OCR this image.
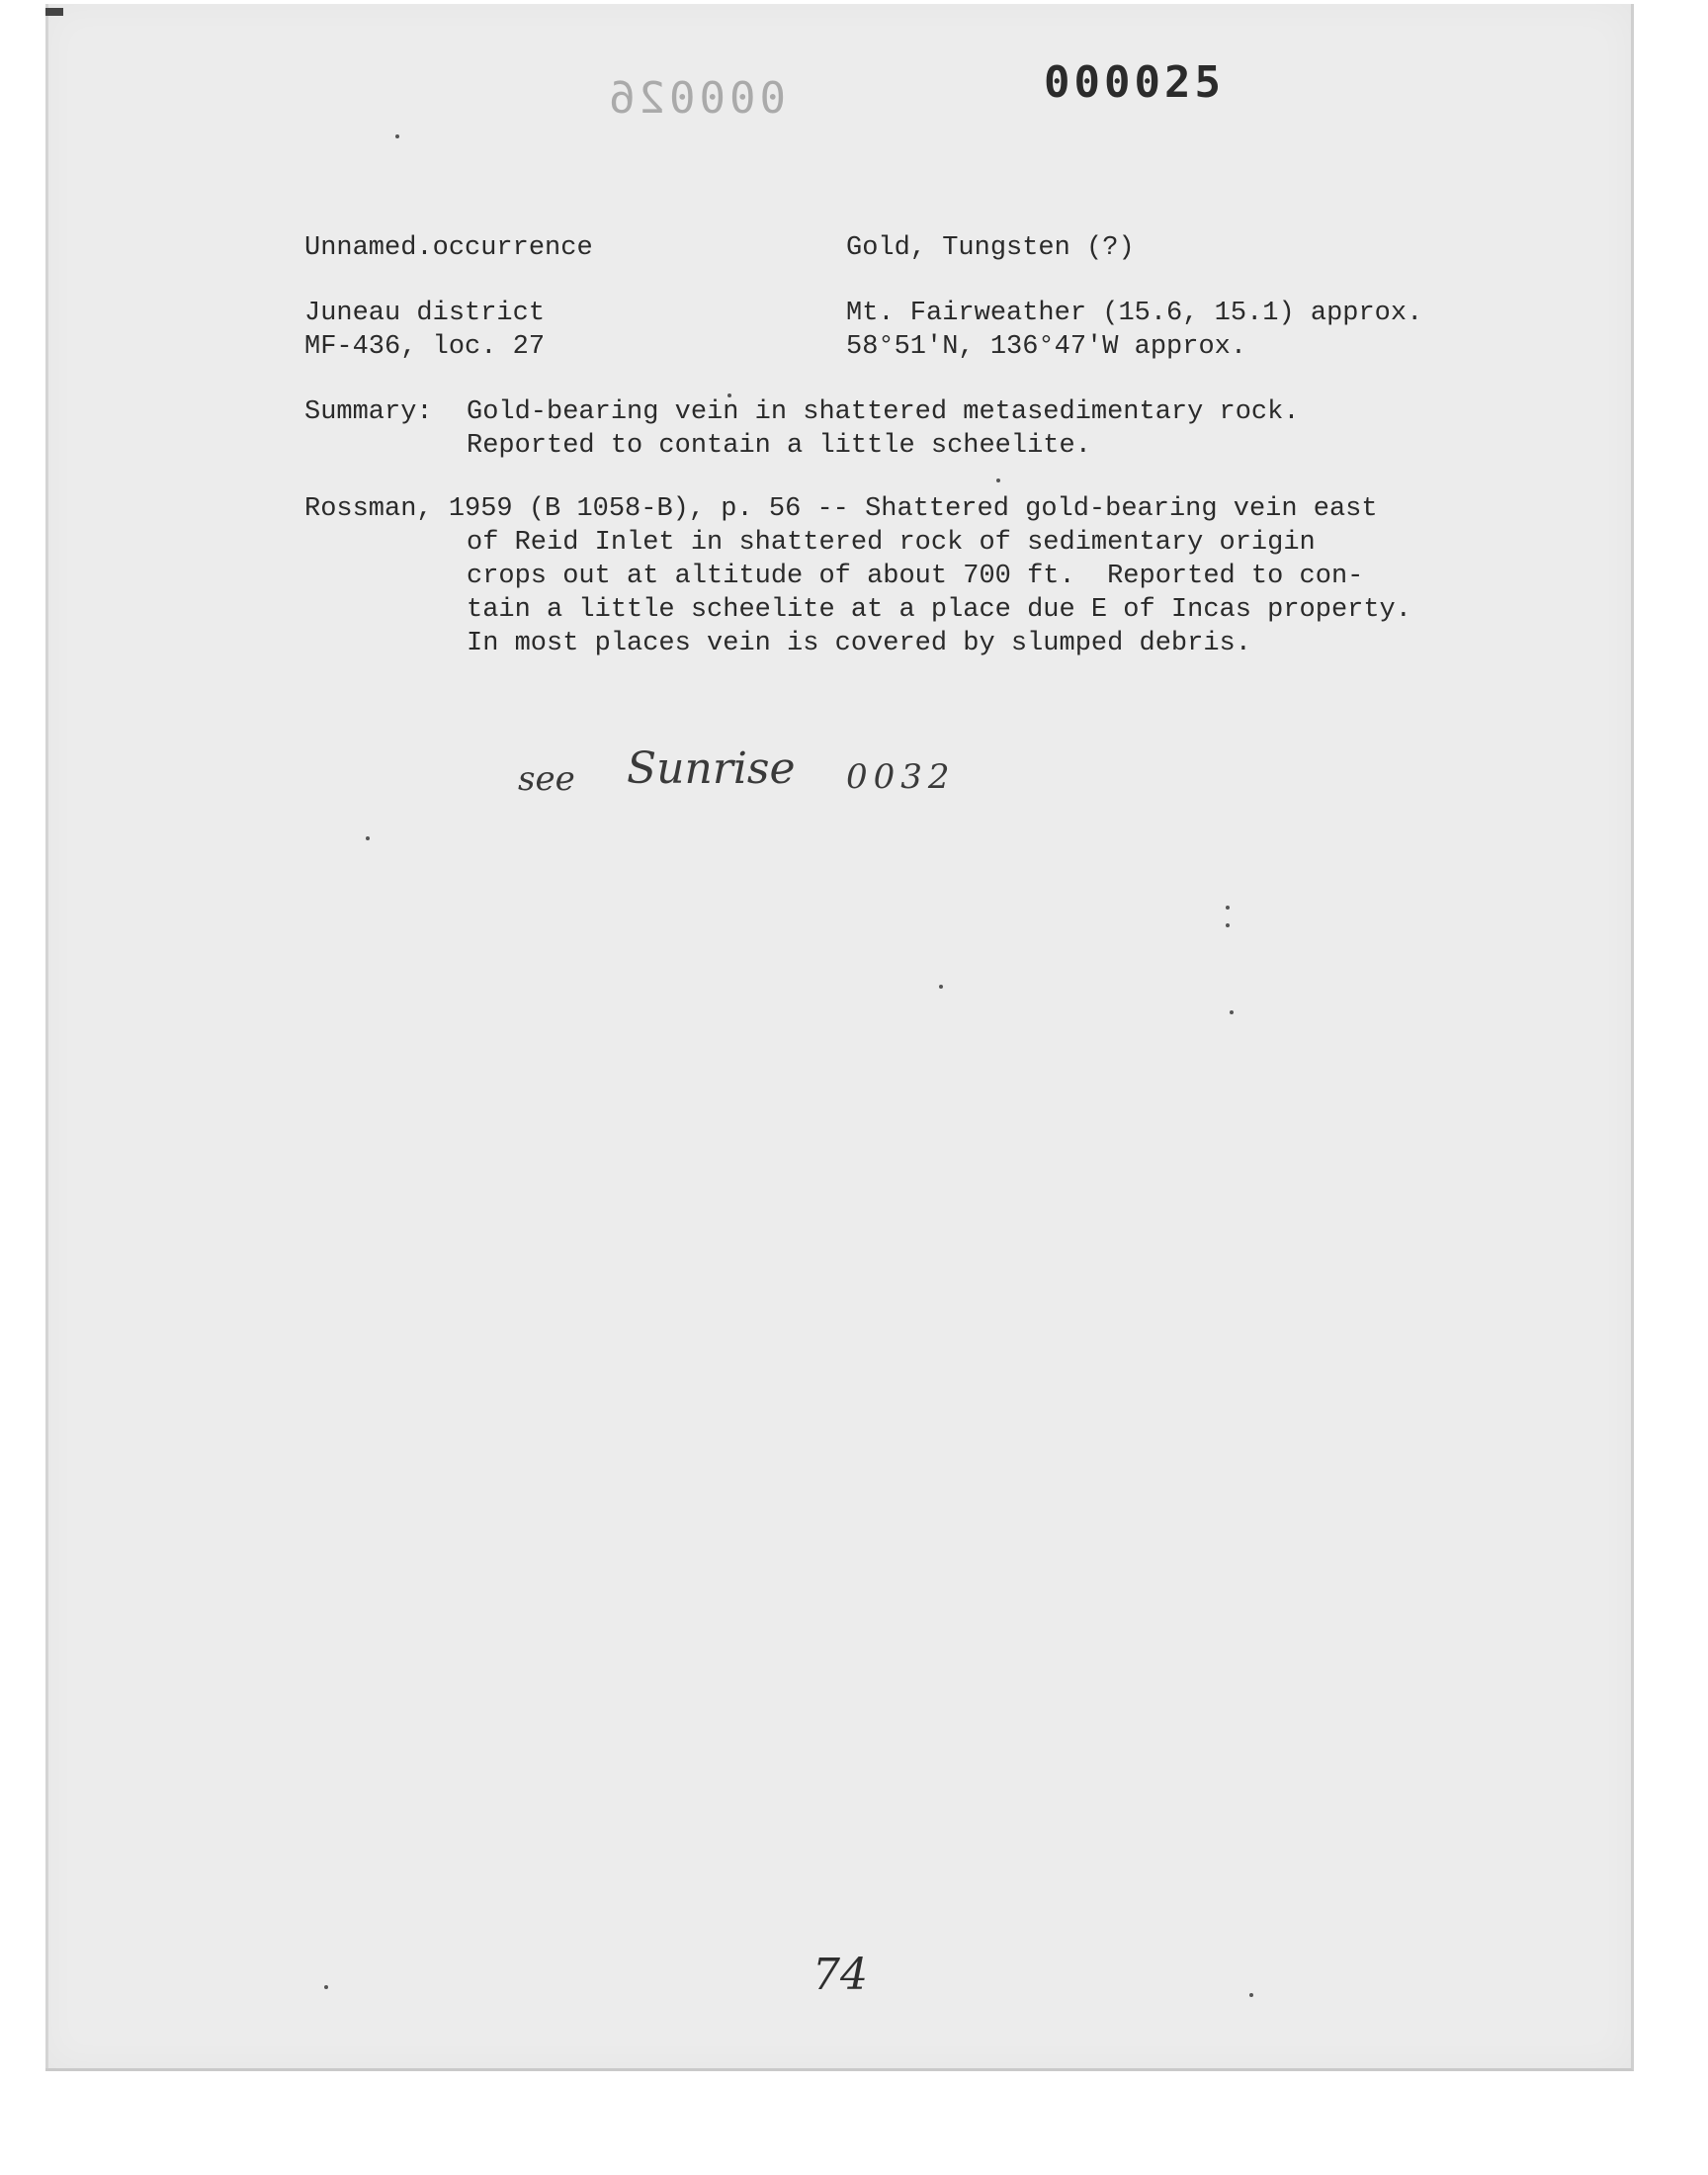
000026	000025
Unnamed.occurrence
Juneau district
MF-436, loc. 27
Gold, Tungsten (?)
Mt. Fairweather (15.6, 15.1) approx.
58°51'N, 136°47'W approx.
Summary: Gold-bearing vein in shattered metasedimentary rock.
Reported to contain a little scheelite.
Rossman, 1959 (B 1058-B), p. 56 -- Shattered gold-bearing vein east
of Reid Inlet in shattered rock of sedimentary origin
crops out at altitude of about 700 ft.  Reported to con-
tain a little scheelite at a place due E of Incas property.
In most places vein is covered by slumped debris.
see Sunrise 0032
74
